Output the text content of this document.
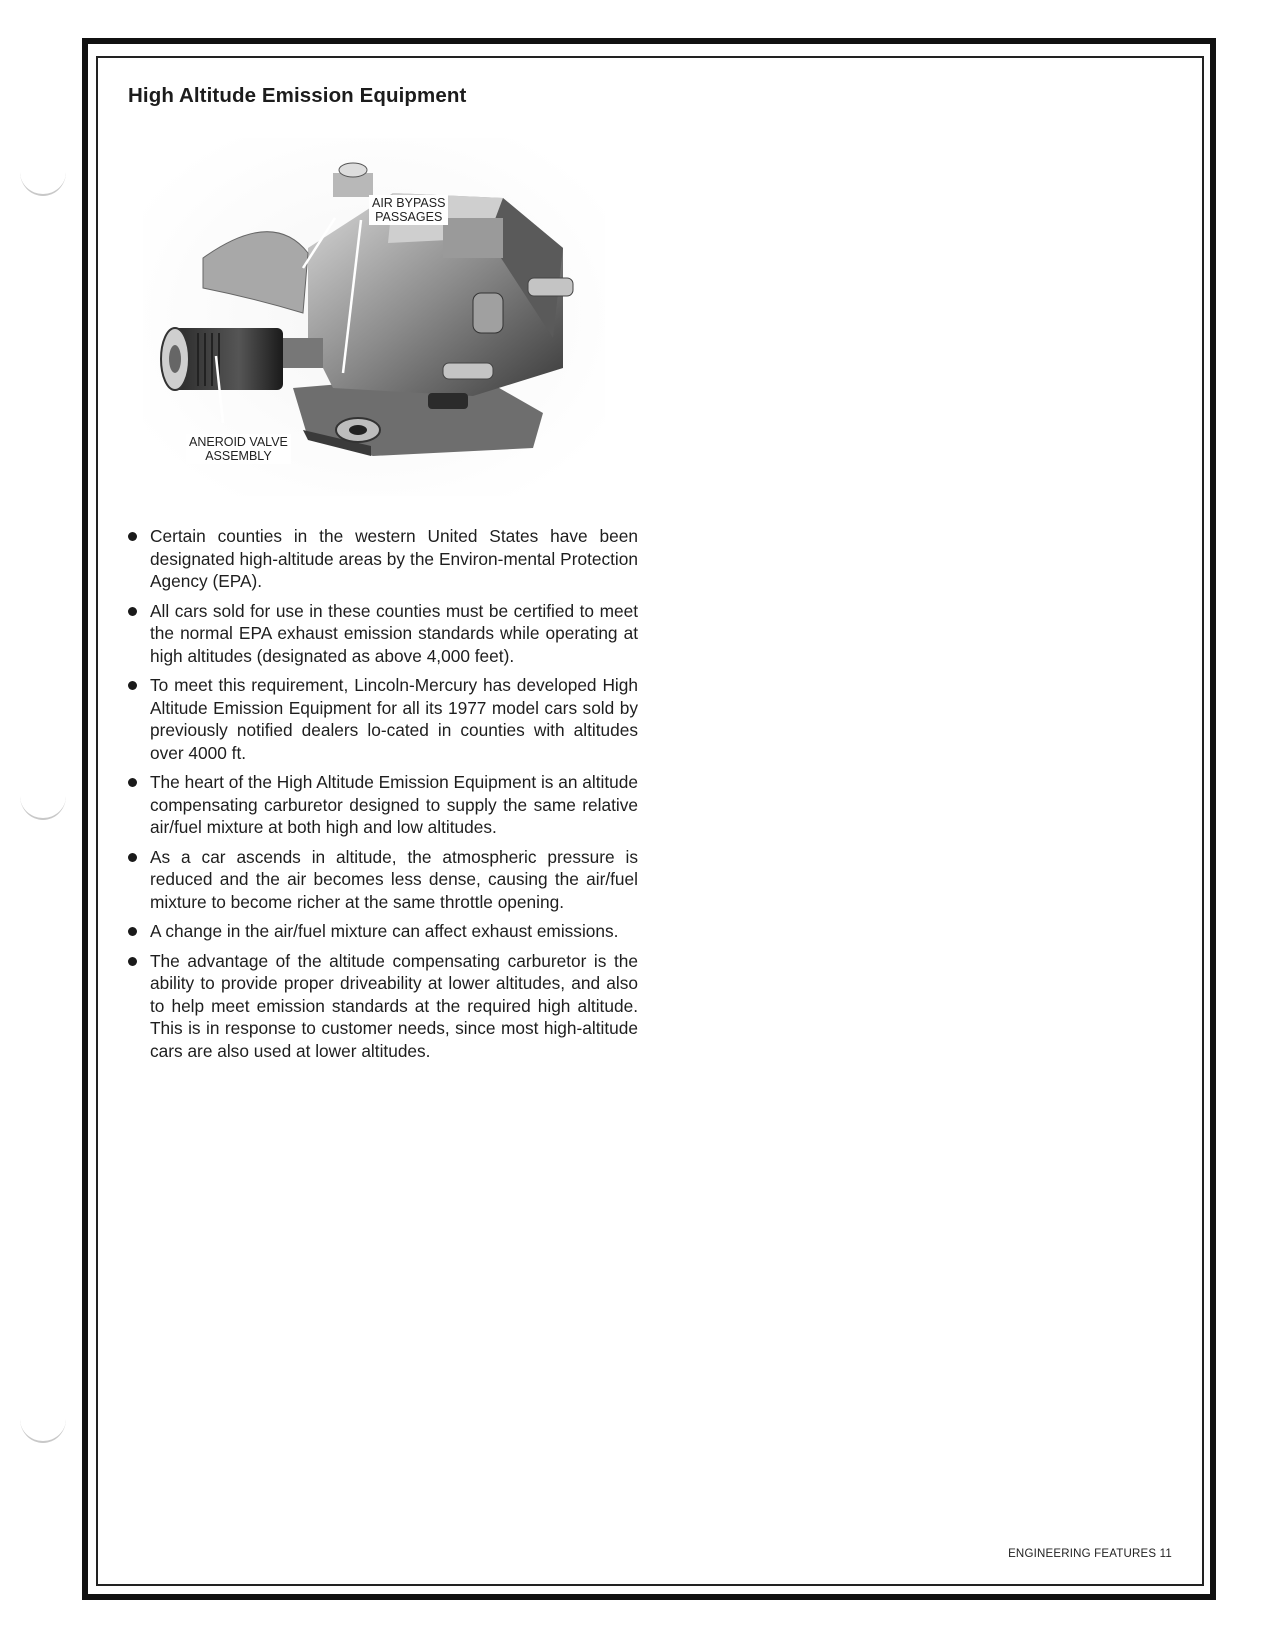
High Altitude Emission Equipment
AIR BYPASS
PASSAGES
ANEROID VALVE
ASSEMBLY
Certain counties in the western United States have been designated high-altitude areas by the Environ-mental Protection Agency (EPA).
All cars sold for use in these counties must be certified to meet the normal EPA exhaust emission standards while operating at high altitudes (designated as above 4,000 feet).
To meet this requirement, Lincoln-Mercury has developed High Altitude Emission Equipment for all its 1977 model cars sold by previously notified dealers lo-cated in counties with altitudes over 4000 ft.
The heart of the High Altitude Emission Equipment is an altitude compensating carburetor designed to supply the same relative air/fuel mixture at both high and low altitudes.
As a car ascends in altitude, the atmospheric pressure is reduced and the air becomes less dense, causing the air/fuel mixture to become richer at the same throttle opening.
A change in the air/fuel mixture can affect exhaust emissions.
The advantage of the altitude compensating carburetor is the ability to provide proper driveability at lower altitudes, and also to help meet emission standards at the required high altitude. This is in response to customer needs, since most high-altitude cars are also used at lower altitudes.
ENGINEERING FEATURES 11
